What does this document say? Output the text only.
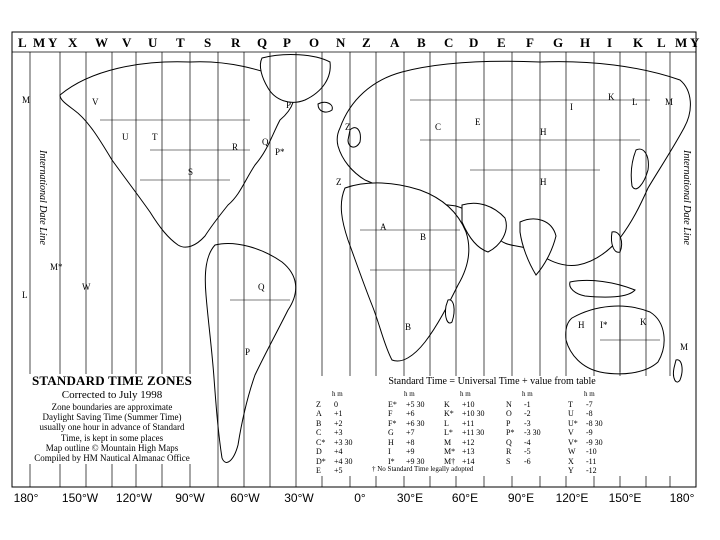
L M Y X W V U T S R Q P O N Z A B C D E F G H I K L M Y
180° 150°W 120°W 90°W 60°W 30°W	0°	30°E 60°E 90°E 120°E 150°E 180°
M	V
U	T
S
R	Q
P*
P
Z
Z
A
B
C	E
H
H
I
K L	M
Q
P
B	H I*	K
M
M*
W
L
International Date Line	International Date Line
STANDARD TIME ZONES
Corrected to July 1998
Zone boundaries are approximate
Daylight Saving Time (Summer Time)
usually one hour in advance of Standard
Time, is kept in some places
Map outline © Mountain High Maps
Compiled by HM Nautical Almanac Office
Standard Time = Universal Time + value from table
h m
Z	0
A	+1
B	+2
C	+3
C*	+3 30
D	+4
D*	+4 30
E	+5
h m
E*	+5 30
F	+6
F*	+6 30
G	+7
H	+8
I	+9
I*	+9 30
h m
K	+10
K*	+10 30
L	+11
L*	+11 30
M	+12
M* +13
M† +14
h m
N	-1
O	-2
P	-3
P*	-3 30
Q	-4
R	-5
S	-6
h m
T	-7
U	-8
U*	-8 30
V	-9
V*	-9 30
W	-10
X	-11
Y	-12
† No Standard Time legally adopted
